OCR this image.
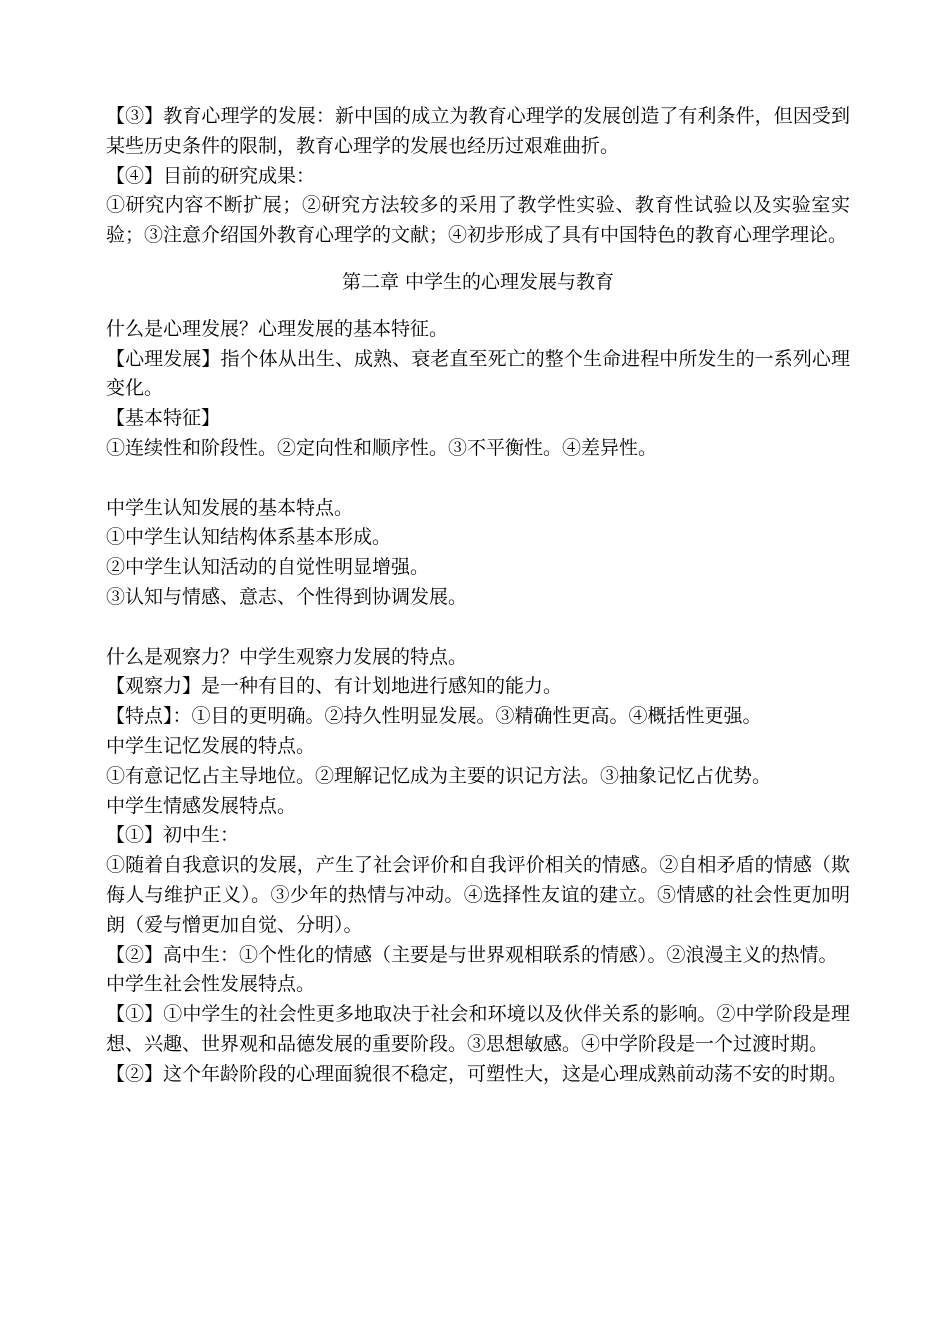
【③】教育心理学的发展：新中国的成立为教育心理学的发展创造了有利条件，但因受到某些历史条件的限制，教育心理学的发展也经历过艰难曲折。

【④】目前的研究成果：

①研究内容不断扩展；②研究方法较多的采用了教学性实验、教育性试验以及实验室实验；③注意介绍国外教育心理学的文献；④初步形成了具有中国特色的教育心理学理论。

第二章 中学生的心理发展与教育

什么是心理发展？心理发展的基本特征。

【心理发展】指个体从出生、成熟、衰老直至死亡的整个生命进程中所发生的一系列心理变化。

【基本特征】

①连续性和阶段性。②定向性和顺序性。③不平衡性。④差异性。

中学生认知发展的基本特点。

①中学生认知结构体系基本形成。

②中学生认知活动的自觉性明显增强。

③认知与情感、意志、个性得到协调发展。

什么是观察力？中学生观察力发展的特点。

【观察力】是一种有目的、有计划地进行感知的能力。

【特点】：①目的更明确。②持久性明显发展。③精确性更高。④概括性更强。

中学生记忆发展的特点。

①有意记忆占主导地位。②理解记忆成为主要的识记方法。③抽象记忆占优势。

中学生情感发展特点。

【①】初中生：

①随着自我意识的发展，产生了社会评价和自我评价相关的情感。②自相矛盾的情感（欺侮人与维护正义）。③少年的热情与冲动。④选择性友谊的建立。⑤情感的社会性更加明朗（爱与憎更加自觉、分明）。

【②】高中生：①个性化的情感（主要是与世界观相联系的情感）。②浪漫主义的热情。

中学生社会性发展特点。

【①】①中学生的社会性更多地取决于社会和环境以及伙伴关系的影响。②中学阶段是理想、兴趣、世界观和品德发展的重要阶段。③思想敏感。④中学阶段是一个过渡时期。

【②】这个年龄阶段的心理面貌很不稳定，可塑性大，这是心理成熟前动荡不安的时期。
